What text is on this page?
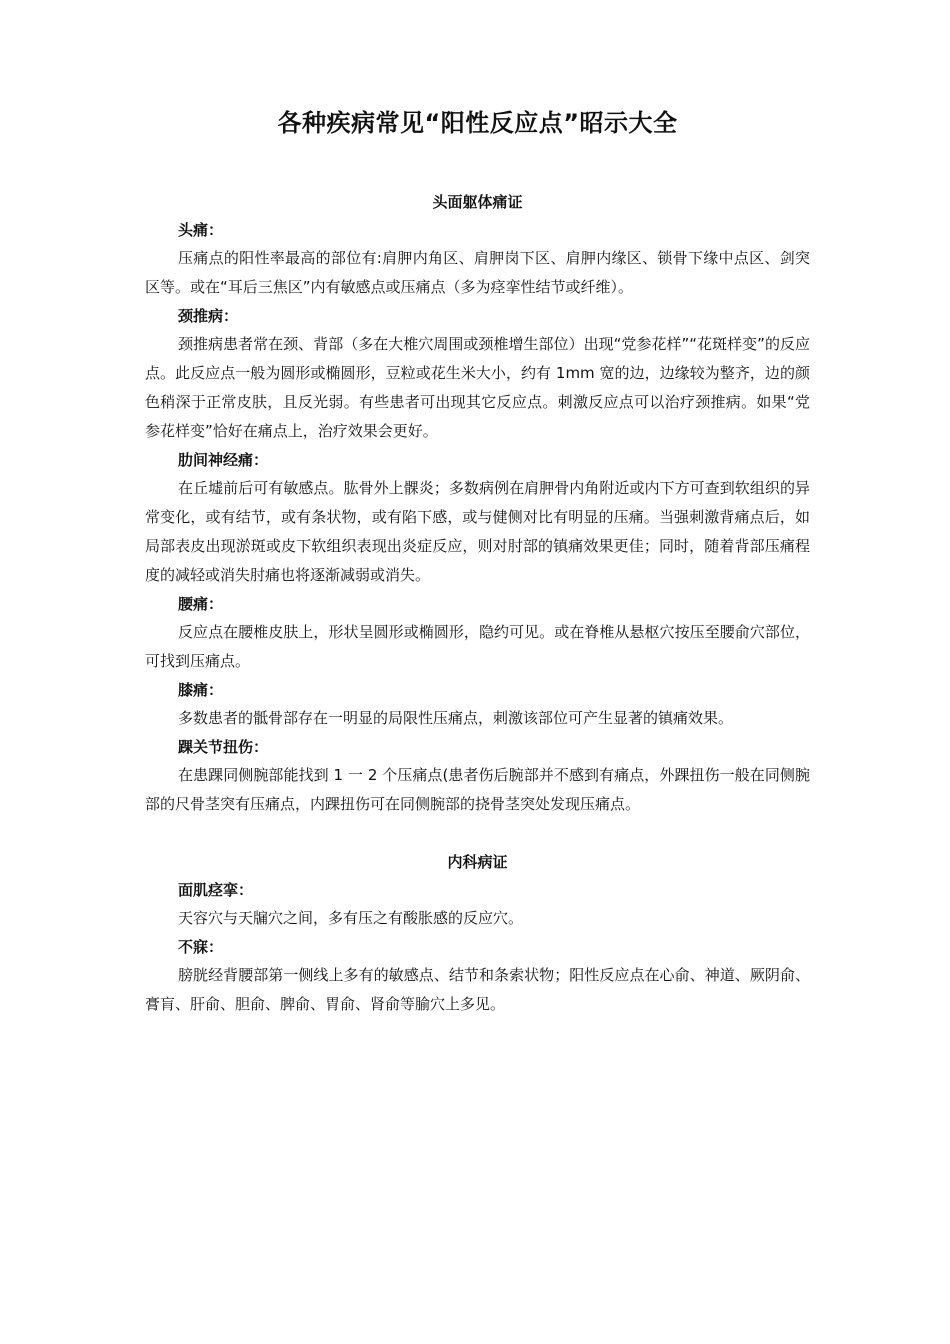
各种疾病常见“阳性反应点”昭示大全

头面躯体痛证

头痛：

压痛点的阳性率最高的部位有:肩胛内角区、肩胛岗下区、肩胛内缘区、锁骨下缘中点区、剑突区等。或在“耳后三焦区”内有敏感点或压痛点（多为痉挛性结节或纤维）。

颈推病：

颈推病患者常在颈、背部（多在大椎穴周围或颈椎增生部位）出现“党参花样”“花斑样变”的反应点。此反应点一般为圆形或椭圆形，豆粒或花生米大小，约有 1mm 宽的边，边缘较为整齐，边的颜色稍深于正常皮肤，且反光弱。有些患者可出现其它反应点。刺激反应点可以治疗颈推病。如果“党参花样变”恰好在痛点上，治疗效果会更好。

肋间神经痛：

在丘墟前后可有敏感点。肱骨外上髁炎；多数病例在肩胛骨内角附近或内下方可查到软组织的异常变化，或有结节，或有条状物，或有陷下感，或与健侧对比有明显的压痛。当强刺激背痛点后，如局部表皮出现淤斑或皮下软组织表现出炎症反应，则对肘部的镇痛效果更佳；同时，随着背部压痛程度的减轻或消失肘痛也将逐渐减弱或消失。

腰痛：

反应点在腰椎皮肤上，形状呈圆形或椭圆形，隐约可见。或在脊椎从悬枢穴按压至腰俞穴部位，可找到压痛点。

膝痛：

多数患者的骶骨部存在一明显的局限性压痛点，刺激该部位可产生显著的镇痛效果。

踝关节扭伤：

在患踝同侧腕部能找到 1 一 2 个压痛点(患者伤后腕部并不感到有痛点，外踝扭伤一般在同侧腕部的尺骨茎突有压痛点，内踝扭伤可在同侧腕部的挠骨茎突处发现压痛点。

内科病证

面肌痉挛：

天容穴与天牖穴之间，多有压之有酸胀感的反应穴。

不寐：

膀胱经背腰部第一侧线上多有的敏感点、结节和条索状物；阳性反应点在心俞、神道、厥阴俞、膏肓、肝俞、胆俞、脾俞、胃俞、肾俞等腧穴上多见。
